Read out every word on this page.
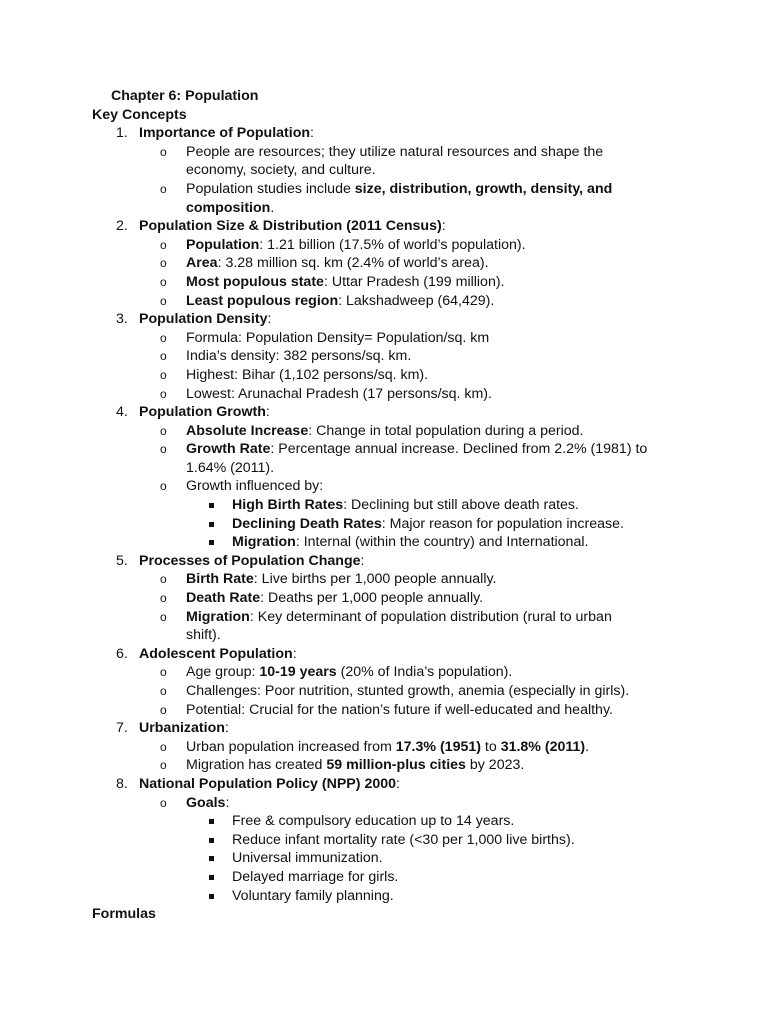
Chapter 6: Population
Key Concepts
1. Importance of Population:
o People are resources; they utilize natural resources and shape the
economy, society, and culture.
o Population studies include size, distribution, growth, density, and
composition.
2. Population Size & Distribution (2011 Census):
o Population: 1.21 billion (17.5% of world’s population).
o Area: 3.28 million sq. km (2.4% of world’s area).
o Most populous state: Uttar Pradesh (199 million).
o Least populous region: Lakshadweep (64,429).
3. Population Density:
o Formula: Population Density= Population/sq. km
o India’s density: 382 persons/sq. km.
o Highest: Bihar (1,102 persons/sq. km).
o Lowest: Arunachal Pradesh (17 persons/sq. km).
4. Population Growth:
o Absolute Increase: Change in total population during a period.
o Growth Rate: Percentage annual increase. Declined from 2.2% (1981) to
1.64% (2011).
o Growth influenced by:
High Birth Rates: Declining but still above death rates.
Declining Death Rates: Major reason for population increase.
Migration: Internal (within the country) and International.
5. Processes of Population Change:
o Birth Rate: Live births per 1,000 people annually.
o Death Rate: Deaths per 1,000 people annually.
o Migration: Key determinant of population distribution (rural to urban
shift).
6. Adolescent Population:
o Age group: 10-19 years (20% of India’s population).
o Challenges: Poor nutrition, stunted growth, anemia (especially in girls).
o Potential: Crucial for the nation’s future if well-educated and healthy.
7. Urbanization:
o Urban population increased from 17.3% (1951) to 31.8% (2011).
o Migration has created 59 million-plus cities by 2023.
8. National Population Policy (NPP) 2000:
o Goals:
Free & compulsory education up to 14 years.
Reduce infant mortality rate (<30 per 1,000 live births).
Universal immunization.
Delayed marriage for girls.
Voluntary family planning.
Formulas
